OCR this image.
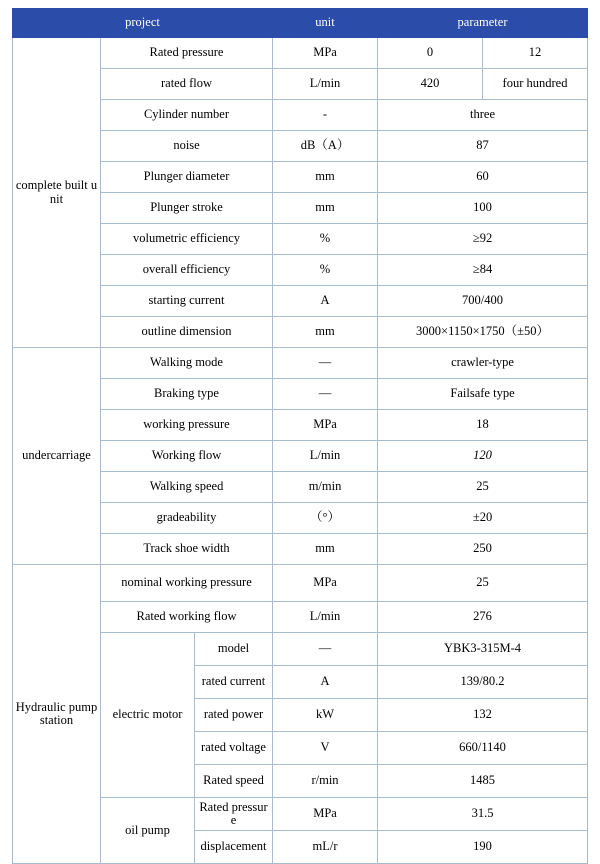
project			unit	parameter	
complete built unit	Rated pressure		MPa	0	12
	rated flow		L/min	420	four hundred
	Cylinder number		-	three	
	noise		dB（A）	87	
	Plunger diameter		mm	60	
	Plunger stroke		mm	100	
	volumetric efficiency		%	≥92	
	overall efficiency		%	≥84	
	starting current		A	700/400	
	outline dimension		mm	3000×1150×1750（±50）	
undercarriage	Walking mode		—	crawler-type	
	Braking type		—	Failsafe type	
	working pressure		MPa	18	
	Working flow		L/min	120	
	Walking speed		m/min	25	
	gradeability		（°）	±20	
	Track shoe width		mm	250	
Hydraulic pump station	nominal working pressure		MPa	25	
	Rated working flow		L/min	276	
	electric motor	model	—	YBK3-315M-4	
		rated current	A	139/80.2	
		rated power	kW	132	
		rated voltage	V	660/1140	
		Rated speed	r/min	1485	
	oil pump	Rated pressure	MPa	31.5	
		displacement	mL/r	190	
